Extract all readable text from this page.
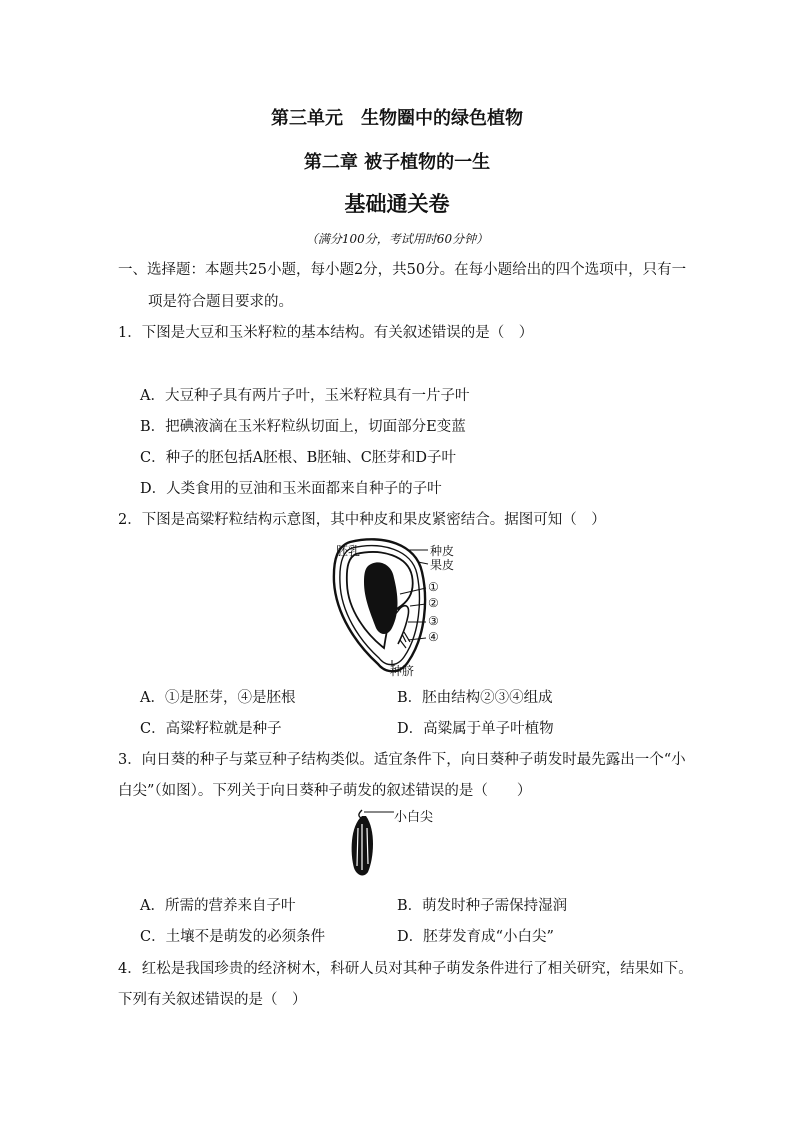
第三单元　生物圈中的绿色植物
第二章 被子植物的一生
基础通关卷
（满分100分，考试用时60分钟）
一、选择题：本题共25小题，每小题2分，共50分。在每小题给出的四个选项中，只有一
项是符合题目要求的。
1．下图是大豆和玉米籽粒的基本结构。有关叙述错误的是（　）
A．大豆种子具有两片子叶，玉米籽粒具有一片子叶
B．把碘液滴在玉米籽粒纵切面上，切面部分E变蓝
C．种子的胚包括A胚根、B胚轴、C胚芽和D子叶
D．人类食用的豆油和玉米面都来自种子的子叶
2．下图是高粱籽粒结构示意图，其中种皮和果皮紧密结合。据图可知（　）
胚乳	种皮
果皮
①
②
③
④
种脐
A．①是胚芽，④是胚根	B．胚由结构②③④组成
C．高粱籽粒就是种子	D．高粱属于单子叶植物
3．向日葵的种子与菜豆种子结构类似。适宜条件下，向日葵种子萌发时最先露出一个“小
白尖”（如图）。下列关于向日葵种子萌发的叙述错误的是（　　）
小白尖
A．所需的营养来自子叶	B．萌发时种子需保持湿润
C．土壤不是萌发的必须条件	D．胚芽发育成“小白尖”
4．红松是我国珍贵的经济树木，科研人员对其种子萌发条件进行了相关研究，结果如下。
下列有关叙述错误的是（　）
